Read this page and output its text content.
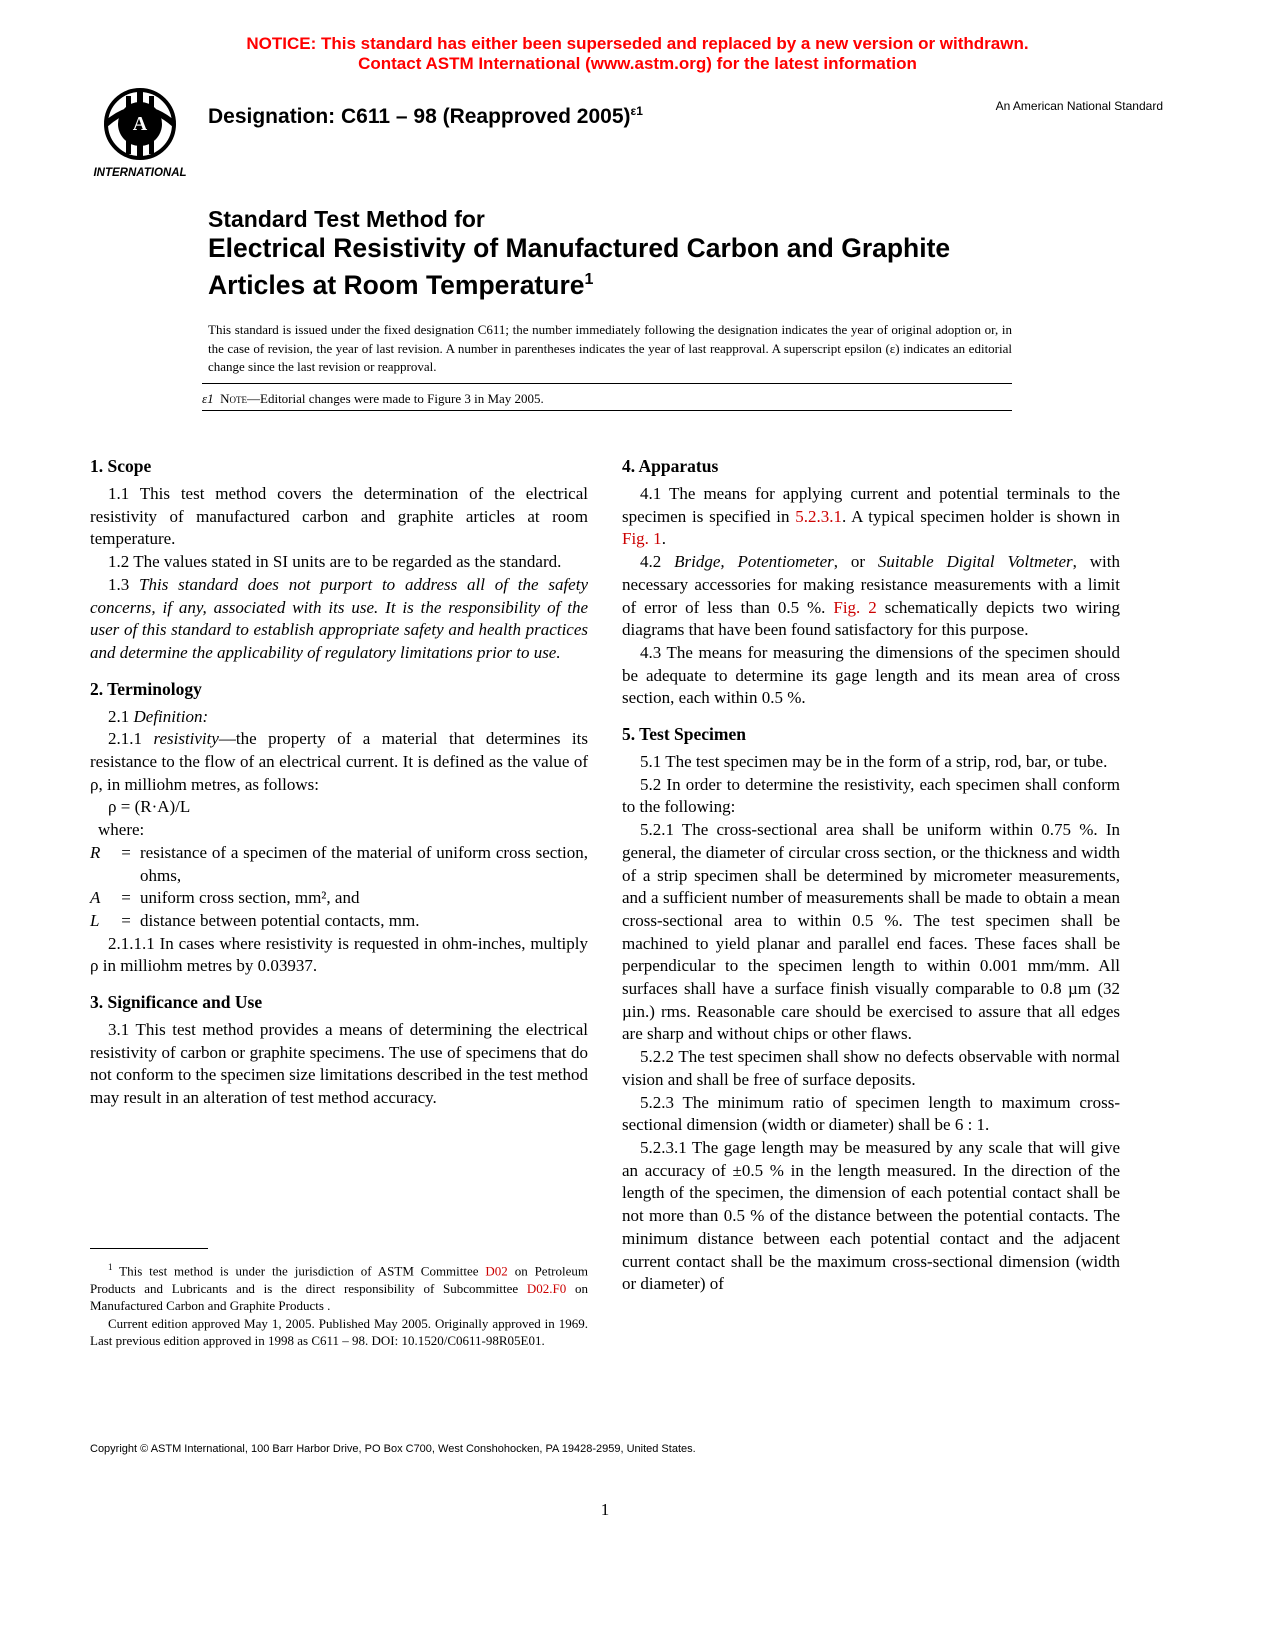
NOTICE: This standard has either been superseded and replaced by a new version or withdrawn.
Contact ASTM International (www.astm.org) for the latest information
A
INTERNATIONAL
Designation: C611 – 98 (Reapproved 2005)$^{\varepsilon 1}$	An American National Standard
Standard Test Method for
Electrical Resistivity of Manufactured Carbon and Graphite
Articles at Room Temperature$^1$
This standard is issued under the fixed designation C611; the number immediately following the designation indicates the year of original adoption or, in the case of revision, the year of last revision. A number in parentheses indicates the year of last reapproval. A superscript epsilon (ε) indicates an editorial change since the last revision or reapproval.
ε1 Note—Editorial changes were made to Figure 3 in May 2005.
1. Scope

1.1 This test method covers the determination of the electrical resistivity of manufactured carbon and graphite articles at room temperature.

1.2 The values stated in SI units are to be regarded as the standard.

1.3 This standard does not purport to address all of the safety concerns, if any, associated with its use. It is the responsibility of the user of this standard to establish appropriate safety and health practices and determine the applicability of regulatory limitations prior to use.

2. Terminology

2.1 Definition:

2.1.1 resistivity—the property of a material that determines its resistance to the flow of an electrical current. It is defined as the value of ρ, in milliohm metres, as follows:

ρ = (R·A)/L

where:

R	= resistance of a specimen of the material of uniform cross section, ohms,
A	= uniform cross section, mm², and
L	= distance between potential contacts, mm.

2.1.1.1 In cases where resistivity is requested in ohm-inches, multiply ρ in milliohm metres by 0.03937.

3. Significance and Use

3.1 This test method provides a means of determining the electrical resistivity of carbon or graphite specimens. The use of specimens that do not conform to the specimen size limitations described in the test method may result in an alteration of test method accuracy.

4. Apparatus

4.1 The means for applying current and potential terminals to the specimen is specified in 5.2.3.1. A typical specimen holder is shown in Fig. 1.

4.2 Bridge, Potentiometer, or Suitable Digital Voltmeter, with necessary accessories for making resistance measurements with a limit of error of less than 0.5 %. Fig. 2 schematically depicts two wiring diagrams that have been found satisfactory for this purpose.

4.3 The means for measuring the dimensions of the specimen should be adequate to determine its gage length and its mean area of cross section, each within 0.5 %.

5. Test Specimen

5.1 The test specimen may be in the form of a strip, rod, bar, or tube.

5.2 In order to determine the resistivity, each specimen shall conform to the following:

5.2.1 The cross-sectional area shall be uniform within 0.75 %. In general, the diameter of circular cross section, or the thickness and width of a strip specimen shall be determined by micrometer measurements, and a sufficient number of measurements shall be made to obtain a mean cross-sectional area to within 0.5 %. The test specimen shall be machined to yield planar and parallel end faces. These faces shall be perpendicular to the specimen length to within 0.001 mm/mm. All surfaces shall have a surface finish visually comparable to 0.8 µm (32 µin.) rms. Reasonable care should be exercised to assure that all edges are sharp and without chips or other flaws.

5.2.2 The test specimen shall show no defects observable with normal vision and shall be free of surface deposits.

5.2.3 The minimum ratio of specimen length to maximum cross-sectional dimension (width or diameter) shall be 6 : 1.

5.2.3.1 The gage length may be measured by any scale that will give an accuracy of ±0.5 % in the length measured. In the direction of the length of the specimen, the dimension of each potential contact shall be not more than 0.5 % of the distance between the potential contacts. The minimum distance between each potential contact and the adjacent current contact shall be the maximum cross-sectional dimension (width or diameter) of

$^1$ This test method is under the jurisdiction of ASTM Committee D02 on Petroleum Products and Lubricants and is the direct responsibility of Subcommittee D02.F0 on Manufactured Carbon and Graphite Products .

Current edition approved May 1, 2005. Published May 2005. Originally approved in 1969. Last previous edition approved in 1998 as C611 – 98. DOI: 10.1520/C0611-98R05E01.

Copyright © ASTM International, 100 Barr Harbor Drive, PO Box C700, West Conshohocken, PA 19428-2959, United States.
1
